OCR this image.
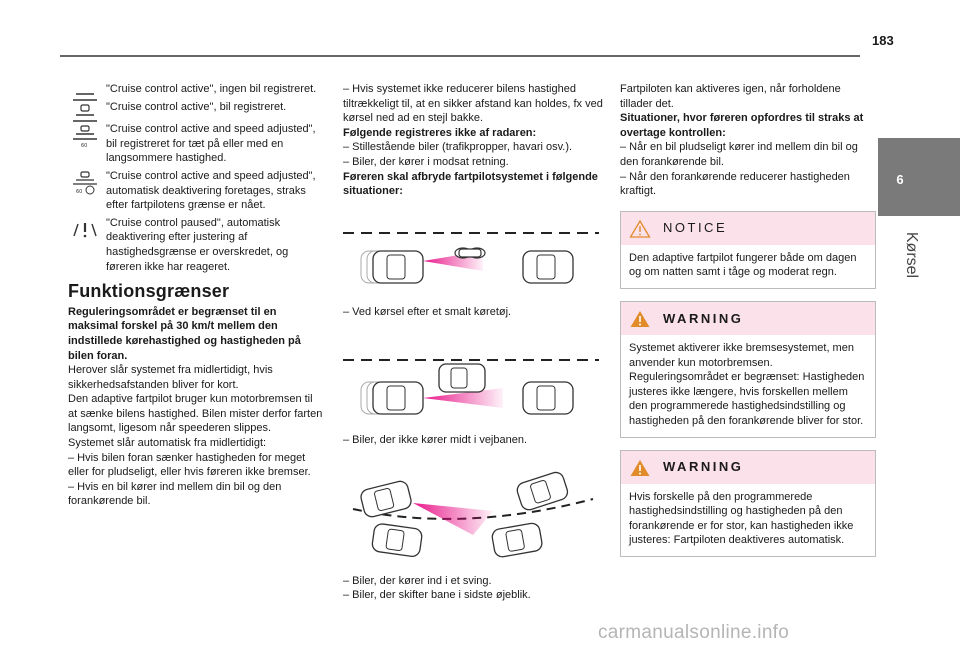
183
6
Kørsel
"Cruise control active", ingen bil registreret.
"Cruise control active", bil registreret.
60
"Cruise control active and speed adjusted", bil registreret for tæt på eller med en langsommere hastighed.
60
"Cruise control active and speed adjusted", automatisk deaktivering foretages, straks efter fartpilotens grænse er nået.
"Cruise control paused", automatisk deaktivering efter justering af hastighedsgrænse er overskredet, og føreren ikke har reageret.
Funktionsgrænser
Reguleringsområdet er begrænset til en maksimal forskel på 30 km/t mellem den indstillede kørehastighed og hastigheden på bilen foran.
Herover slår systemet fra midlertidigt, hvis sikkerhedsafstanden bliver for kort.
Den adaptive fartpilot bruger kun motorbremsen til at sænke bilens hastighed. Bilen mister derfor farten langsomt, ligesom når speederen slippes.
Systemet slår automatisk fra midlertidigt:
– Hvis bilen foran sænker hastigheden for meget eller for pludseligt, eller hvis føreren ikke bremser.
– Hvis en bil kører ind mellem din bil og den forankørende bil.
– Hvis systemet ikke reducerer bilens hastighed tiltrækkeligt til, at en sikker afstand kan holdes, fx ved kørsel ned ad en stejl bakke.
Følgende registreres ikke af radaren:
– Stillestående biler (trafikpropper, havari osv.).
– Biler, der kører i modsat retning.
Føreren skal afbryde fartpilotsystemet i følgende situationer:
– Ved kørsel efter et smalt køretøj.
– Biler, der ikke kører midt i vejbanen.
– Biler, der kører ind i et sving.
– Biler, der skifter bane i sidste øjeblik.
Fartpiloten kan aktiveres igen, når forholdene tillader det.
Situationer, hvor føreren opfordres til straks at overtage kontrollen:
– Når en bil pludseligt kører ind mellem din bil og den forankørende bil.
– Når den forankørende reducerer hastigheden kraftigt.
NOTICE
Den adaptive fartpilot fungerer både om dagen og om natten samt i tåge og moderat regn.
WARNING
Systemet aktiverer ikke bremsesystemet, men anvender kun motorbremsen. Reguleringsområdet er begrænset: Hastigheden justeres ikke længere, hvis forskellen mellem den programmerede hastighedsindstilling og hastigheden på den forankørende bliver for stor.
WARNING
Hvis forskelle på den programmerede hastighedsindstilling og hastigheden på den forankørende er for stor, kan hastigheden ikke justeres: Fartpiloten deaktiveres automatisk.
carmanualsonline.info
